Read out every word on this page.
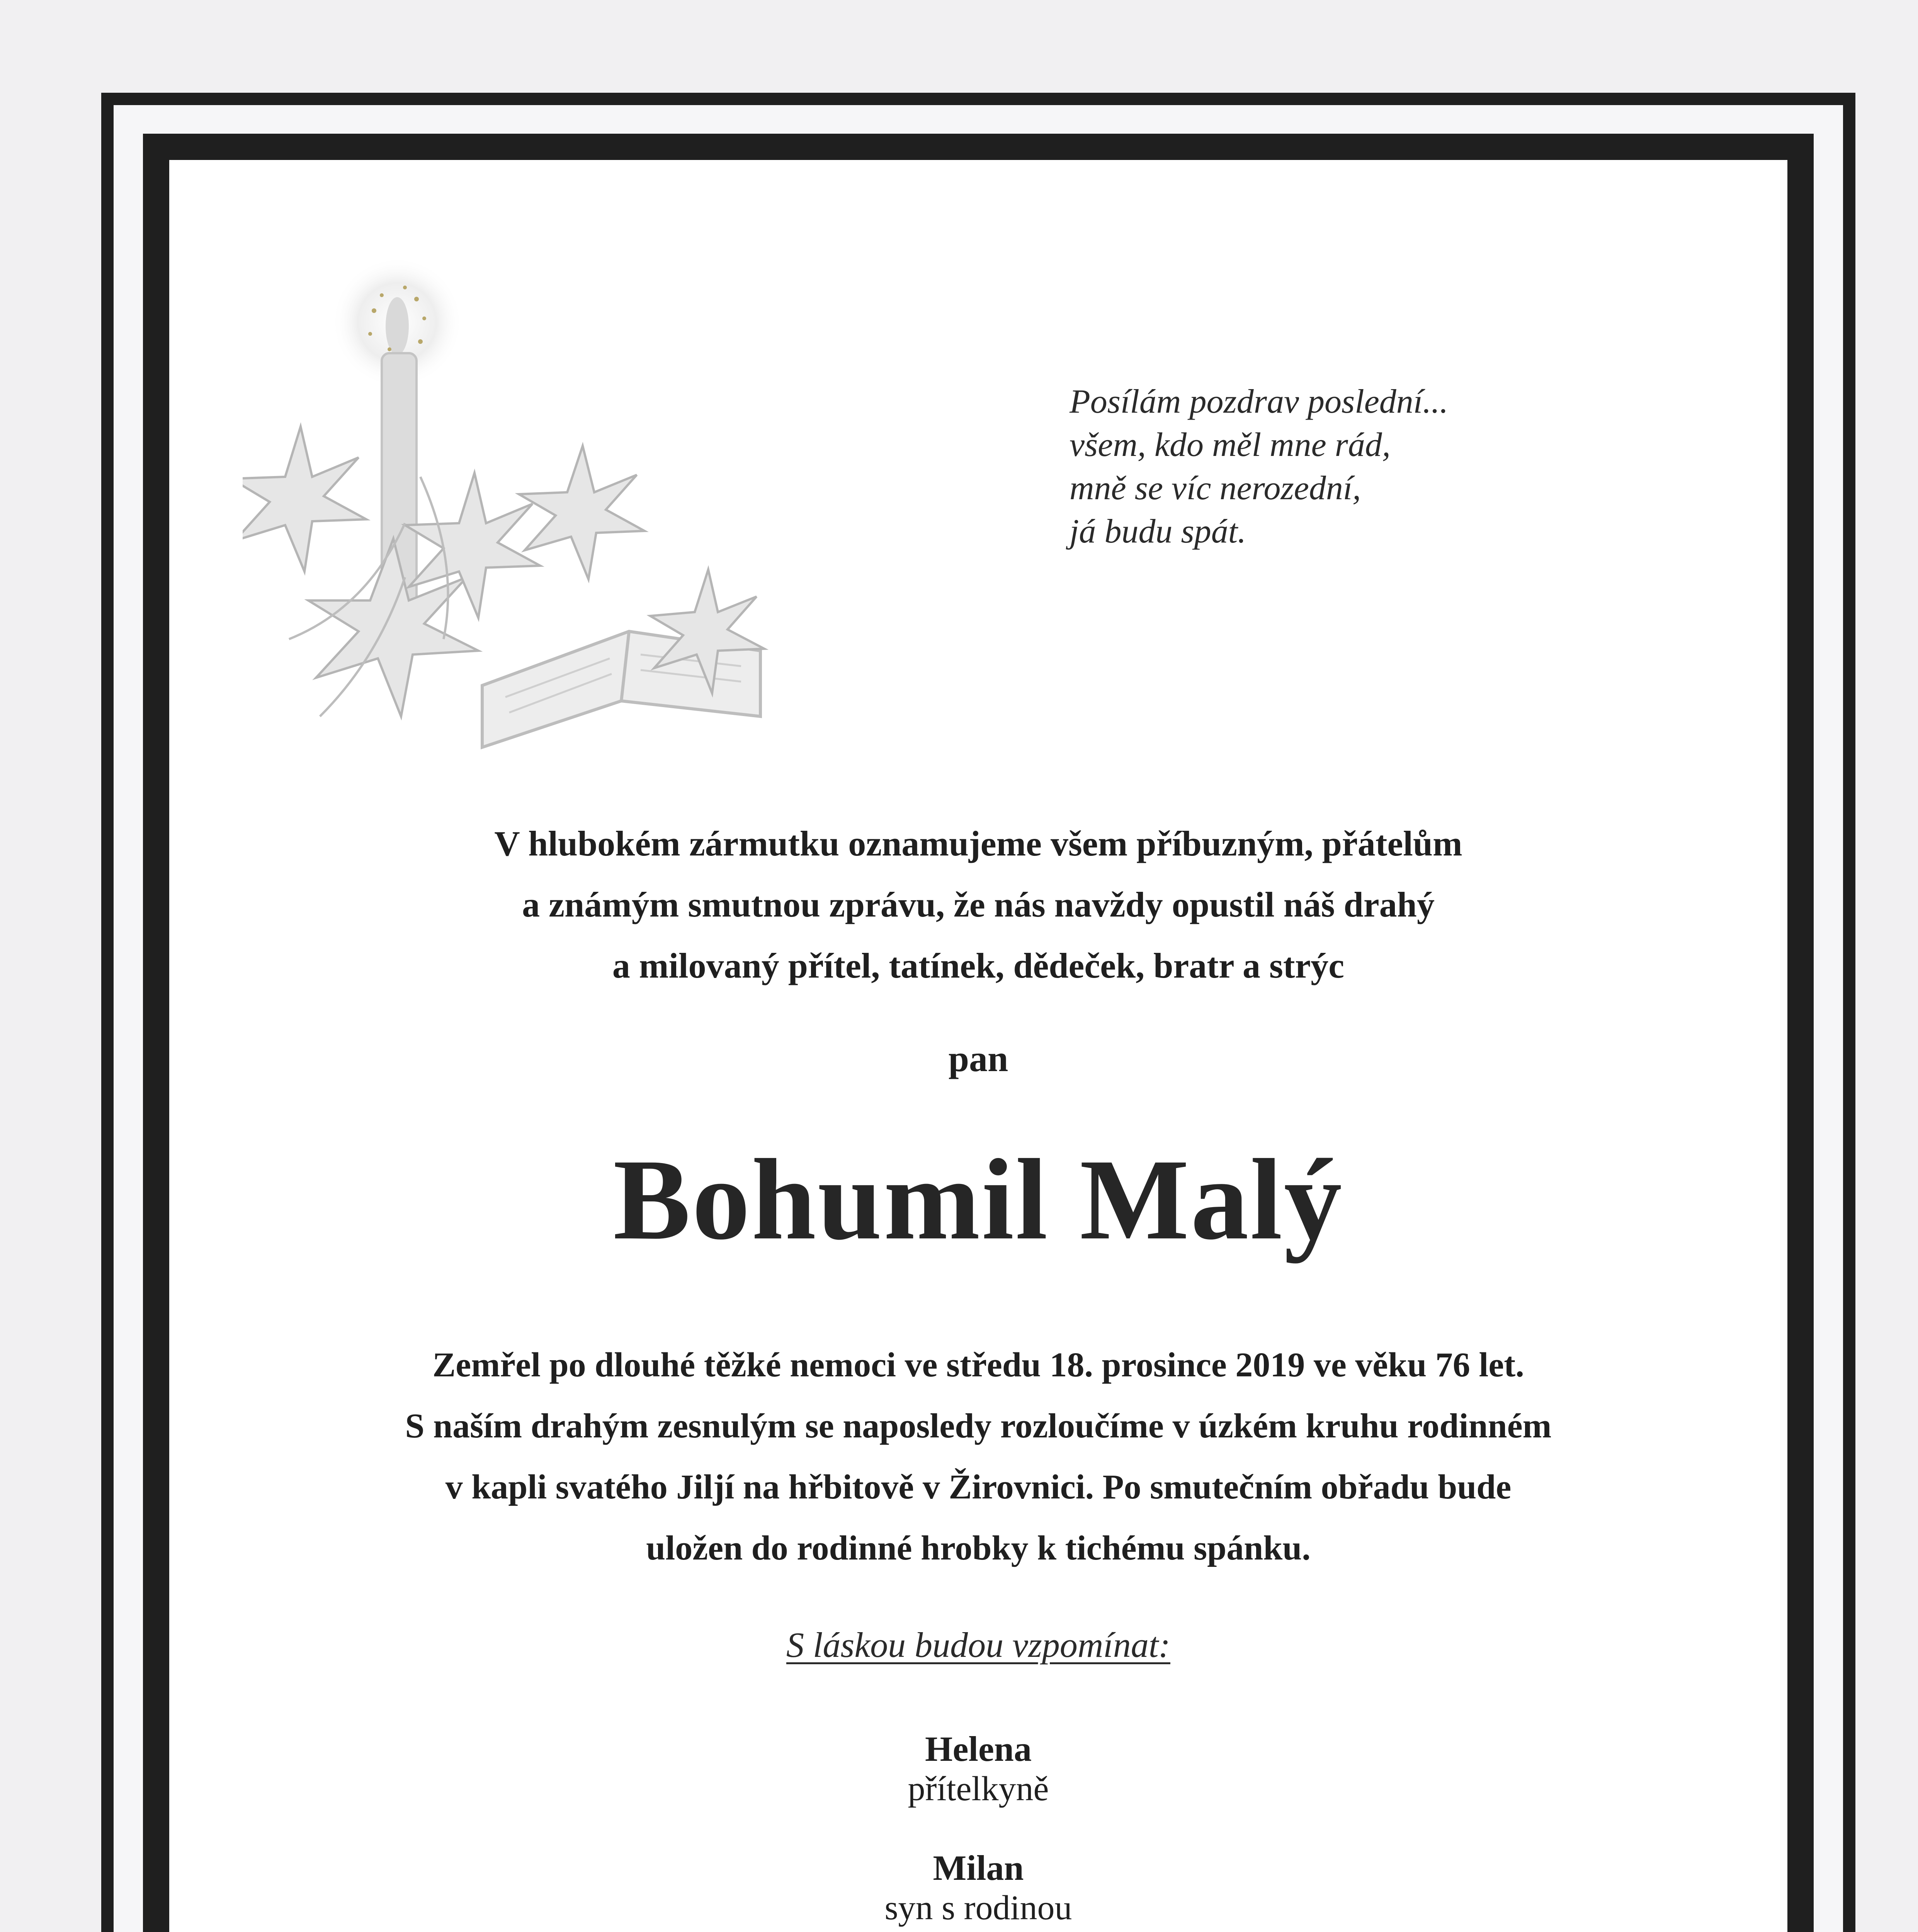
Posílám pozdrav poslední...
všem, kdo měl mne rád,
mně se víc nerozední,
já budu spát.
V hlubokém zármutku oznamujeme všem příbuzným, přátelům
a známým smutnou zprávu, že nás navždy opustil náš drahý
a milovaný přítel, tatínek, dědeček, bratr a strýc
pan
Bohumil Malý
Zemřel po dlouhé těžké nemoci ve středu 18. prosince 2019 ve věku 76 let.
S naším drahým zesnulým se naposledy rozloučíme v úzkém kruhu rodinném
v kapli svatého Jiljí na hřbitově v Žirovnici. Po smutečním obřadu bude
uložen do rodinné hrobky k tichému spánku.
S láskou budou vzpomínat:
Helena
přítelkyně
Milan
syn s rodinou
